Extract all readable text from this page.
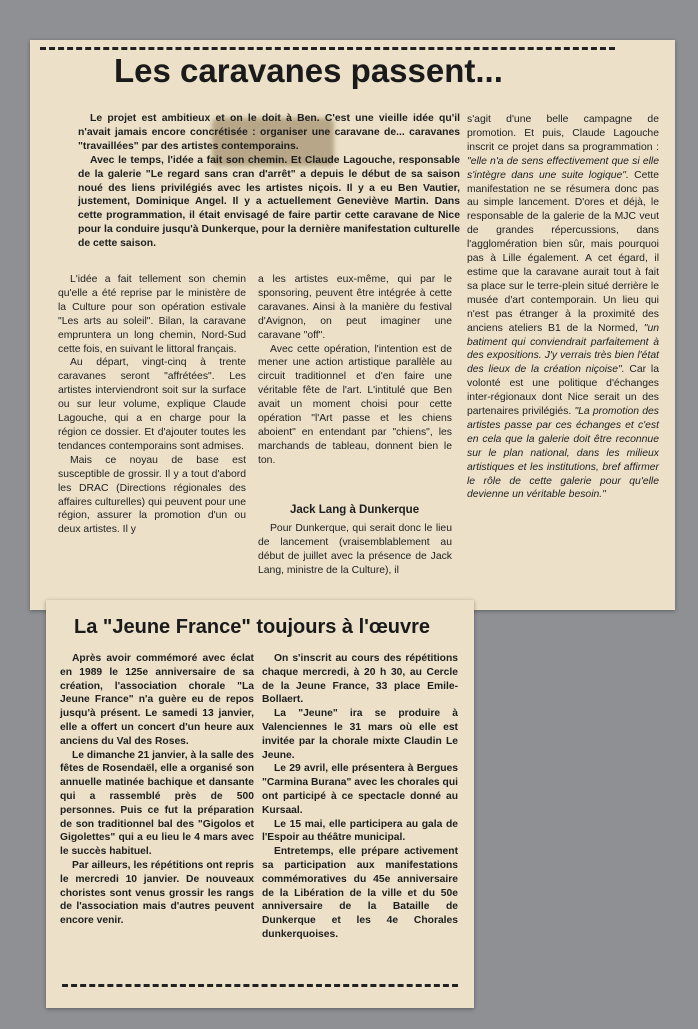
Les caravanes passent...

Le projet est ambitieux et on le doit à Ben. C'est une vieille idée qu'il n'avait jamais encore concrétisée : organiser une caravane de... caravanes "travaillées" par des artistes contemporains.

Avec le temps, l'idée a fait son chemin. Et Claude Lagouche, responsable de la galerie "Le regard sans cran d'arrêt" a depuis le début de sa saison noué des liens privilégiés avec les artistes niçois. Il y a eu Ben Vautier, justement, Dominique Angel. Il y a actuellement Geneviève Martin. Dans cette programmation, il était envisagé de faire partir cette caravane de Nice pour la conduire jusqu'à Dunkerque, pour la dernière manifestation culturelle de cette saison.

L'idée a fait tellement son chemin qu'elle a été reprise par le ministère de la Culture pour son opération estivale "Les arts au soleil". Bilan, la caravane empruntera un long chemin, Nord-Sud cette fois, en suivant le littoral français.

Au départ, vingt-cinq à trente caravanes seront "affrétées". Les artistes interviendront soit sur la surface ou sur leur volume, explique Claude Lagouche, qui a en charge pour la région ce dossier. Et d'ajouter toutes les tendances contemporains sont admises.

Mais ce noyau de base est susceptible de grossir. Il y a tout d'abord les DRAC (Directions régionales des affaires culturelles) qui peuvent pour une région, assurer la promotion d'un ou deux artistes. Il y

a les artistes eux-même, qui par le sponsoring, peuvent être intégrée à cette caravanes. Ainsi à la manière du festival d'Avignon, on peut imaginer une caravane "off".

Avec cette opération, l'intention est de mener une action artistique parallèle au circuit traditionnel et d'en faire une véritable fête de l'art. L'intitulé que Ben avait un moment choisi pour cette opération "l'Art passe et les chiens aboient" en entendant par "chiens", les marchands de tableau, donnent bien le ton.

Jack Lang à Dunkerque

Pour Dunkerque, qui serait donc le lieu de lancement (vraisemblablement au début de juillet avec la présence de Jack Lang, ministre de la Culture), il

s'agit d'une belle campagne de promotion. Et puis, Claude Lagouche inscrit ce projet dans sa programmation : "elle n'a de sens effectivement que si elle s'intègre dans une suite logique". Cette manifestation ne se résumera donc pas au simple lancement. D'ores et déjà, le responsable de la galerie de la MJC veut de grandes répercussions, dans l'agglomération bien sûr, mais pourquoi pas à Lille également. A cet égard, il estime que la caravane aurait tout à fait sa place sur le terre-plein situé derrière le musée d'art contemporain. Un lieu qui n'est pas étranger à la proximité des anciens ateliers B1 de la Normed, "un batiment qui conviendrait parfaitement à des expositions. J'y verrais très bien l'état des lieux de la création niçoise". Car la volonté est une politique d'échanges inter-régionaux dont Nice serait un des partenaires privilégiés. "La promotion des artistes passe par ces échanges et c'est en cela que la galerie doit être reconnue sur le plan national, dans les milieux artistiques et les institutions, bref affirmer le rôle de cette galerie pour qu'elle devienne un véritable besoin."

La "Jeune France" toujours à l'œuvre

Après avoir commémoré avec éclat en 1989 le 125e anniversaire de sa création, l'association chorale "La Jeune France" n'a guère eu de repos jusqu'à présent. Le samedi 13 janvier, elle a offert un concert d'un heure aux anciens du Val des Roses.

Le dimanche 21 janvier, à la salle des fêtes de Rosendaël, elle a organisé son annuelle matinée bachique et dansante qui a rassemblé près de 500 personnes. Puis ce fut la préparation de son traditionnel bal des "Gigolos et Gigolettes" qui a eu lieu le 4 mars avec le succès habituel.

Par ailleurs, les répétitions ont repris le mercredi 10 janvier. De nouveaux choristes sont venus grossir les rangs de l'association mais d'autres peuvent encore venir.

On s'inscrit au cours des répétitions chaque mercredi, à 20 h 30, au Cercle de la Jeune France, 33 place Emile-Bollaert.

La "Jeune" ira se produire à Valenciennes le 31 mars où elle est invitée par la chorale mixte Claudin Le Jeune.

Le 29 avril, elle présentera à Bergues "Carmina Burana" avec les chorales qui ont participé à ce spectacle donné au Kursaal.

Le 15 mai, elle participera au gala de l'Espoir au théâtre municipal.

Entretemps, elle prépare activement sa participation aux manifestations commémoratives du 45e anniversaire de la Libération de la ville et du 50e anniversaire de la Bataille de Dunkerque et les 4e Chorales dunkerquoises.
